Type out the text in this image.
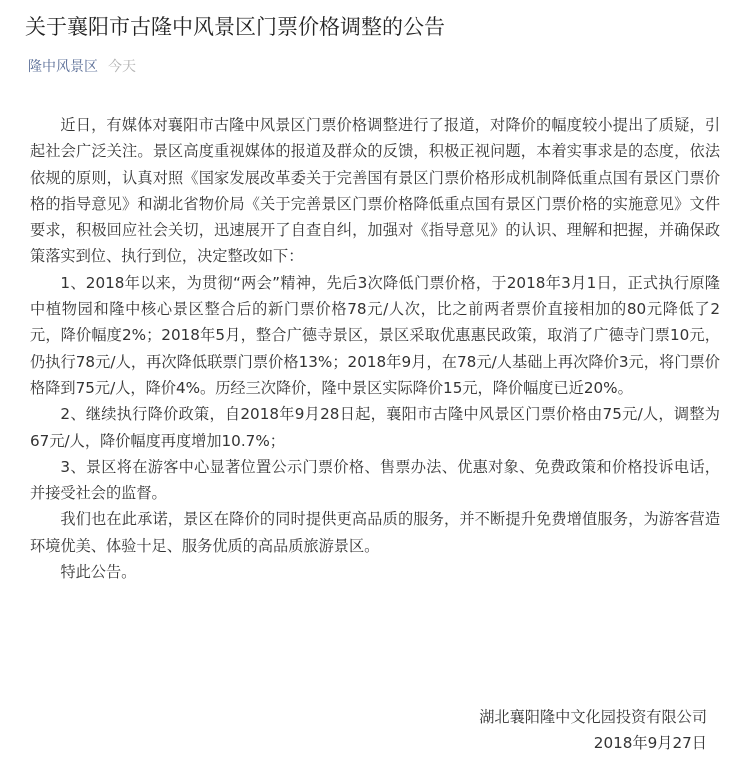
关于襄阳市古隆中风景区门票价格调整的公告
隆中风景区 今天

近日，有媒体对襄阳市古隆中风景区门票价格调整进行了报道，对降价的幅度较小提出了质疑，引起社会广泛关注。景区高度重视媒体的报道及群众的反馈，积极正视问题，本着实事求是的态度，依法依规的原则，认真对照《国家发展改革委关于完善国有景区门票价格形成机制降低重点国有景区门票价格的指导意见》和湖北省物价局《关于完善景区门票价格降低重点国有景区门票价格的实施意见》文件要求，积极回应社会关切，迅速展开了自查自纠，加强对《指导意见》的认识、理解和把握，并确保政策落实到位、执行到位，决定整改如下：

1、2018年以来，为贯彻“两会”精神，先后3次降低门票价格，于2018年3月1日，正式执行原隆中植物园和隆中核心景区整合后的新门票价格78元/人次，比之前两者票价直接相加的80元降低了2元，降价幅度2%；2018年5月，整合广德寺景区，景区采取优惠惠民政策，取消了广德寺门票10元，仍执行78元/人，再次降低联票门票价格13%；2018年9月，在78元/人基础上再次降价3元，将门票价格降到75元/人，降价4%。历经三次降价，隆中景区实际降价15元，降价幅度已近20%。

2、继续执行降价政策，自2018年9月28日起，襄阳市古隆中风景区门票价格由75元/人，调整为67元/人，降价幅度再度增加10.7%；

3、景区将在游客中心显著位置公示门票价格、售票办法、优惠对象、免费政策和价格投诉电话，并接受社会的监督。

我们也在此承诺，景区在降价的同时提供更高品质的服务，并不断提升免费增值服务，为游客营造环境优美、体验十足、服务优质的高品质旅游景区。

特此公告。

湖北襄阳隆中文化园投资有限公司
2018年9月27日
